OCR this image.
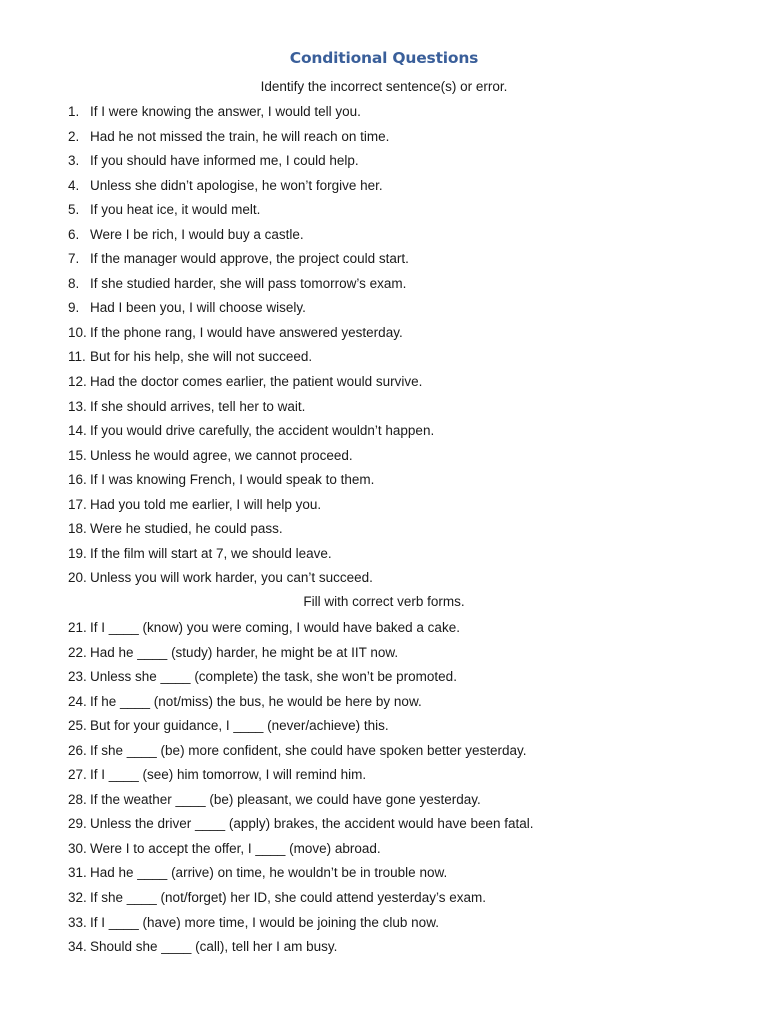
Conditional Questions
Identify the incorrect sentence(s) or error.
1. If I were knowing the answer, I would tell you.
2. Had he not missed the train, he will reach on time.
3. If you should have informed me, I could help.
4. Unless she didn’t apologise, he won’t forgive her.
5. If you heat ice, it would melt.
6. Were I be rich, I would buy a castle.
7. If the manager would approve, the project could start.
8. If she studied harder, she will pass tomorrow’s exam.
9. Had I been you, I will choose wisely.
10. If the phone rang, I would have answered yesterday.
11. But for his help, she will not succeed.
12. Had the doctor comes earlier, the patient would survive.
13. If she should arrives, tell her to wait.
14. If you would drive carefully, the accident wouldn’t happen.
15. Unless he would agree, we cannot proceed.
16. If I was knowing French, I would speak to them.
17. Had you told me earlier, I will help you.
18. Were he studied, he could pass.
19. If the film will start at 7, we should leave.
20. Unless you will work harder, you can’t succeed.
Fill with correct verb forms.
21. If I ____ (know) you were coming, I would have baked a cake.
22. Had he ____ (study) harder, he might be at IIT now.
23. Unless she ____ (complete) the task, she won’t be promoted.
24. If he ____ (not/miss) the bus, he would be here by now.
25. But for your guidance, I ____ (never/achieve) this.
26. If she ____ (be) more confident, she could have spoken better yesterday.
27. If I ____ (see) him tomorrow, I will remind him.
28. If the weather ____ (be) pleasant, we could have gone yesterday.
29. Unless the driver ____ (apply) brakes, the accident would have been fatal.
30. Were I to accept the offer, I ____ (move) abroad.
31. Had he ____ (arrive) on time, he wouldn’t be in trouble now.
32. If she ____ (not/forget) her ID, she could attend yesterday’s exam.
33. If I ____ (have) more time, I would be joining the club now.
34. Should she ____ (call), tell her I am busy.
